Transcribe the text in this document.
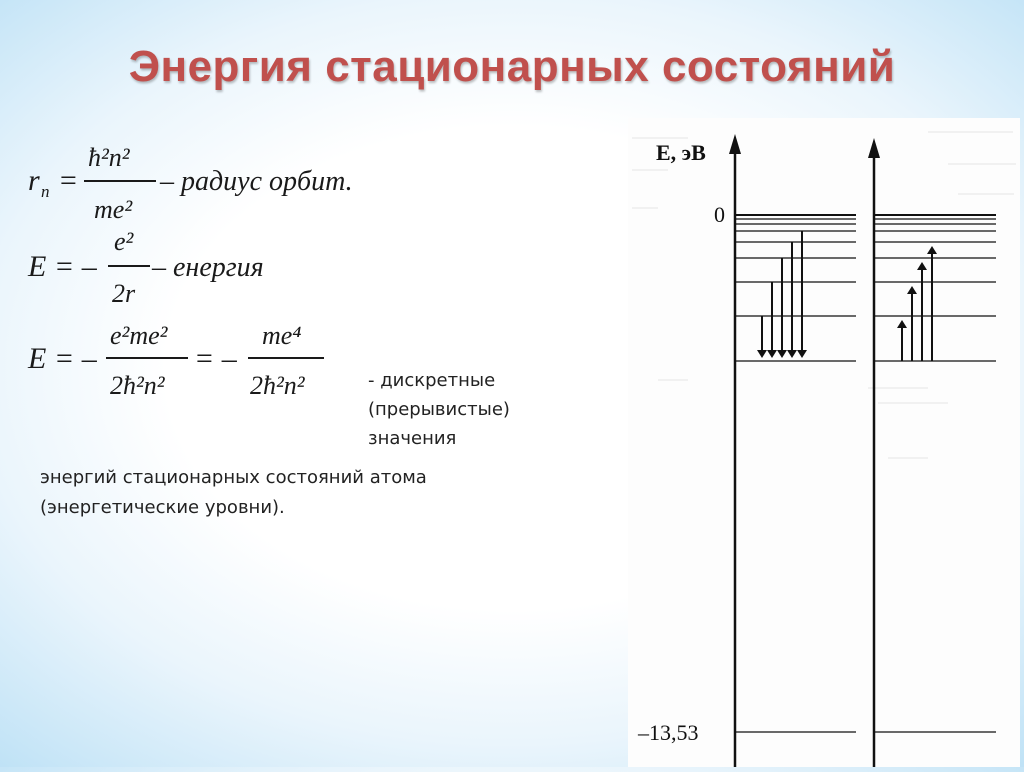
Энергия стационарных состояний
r n =
ħ²n²
me²
– радиус орбит.
E = –
e²
2r
– енергия
E = –
e²me²
2ħ²n²
= –
me⁴
2ħ²n²	- дискретные
(прерывистые)
значения
энергий стационарных состояний атома
(энергетические уровни).
E, эВ
0
–13,53
